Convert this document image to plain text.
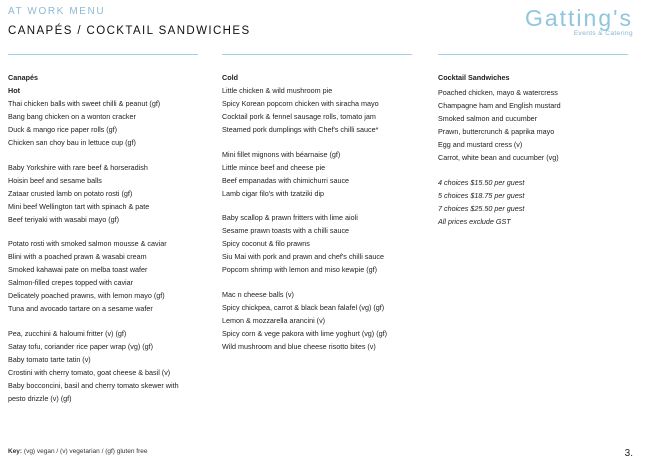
AT WORK MENU
CANAPÉS / COCKTAIL SANDWICHES	Gatting's
Events & Catering
Canapés
Hot
Thai chicken balls with sweet chilli & peanut (gf)
Bang bang chicken on a wonton cracker
Duck & mango rice paper rolls (gf)
Chicken san choy bau in lettuce cup (gf)
Baby Yorkshire with rare beef & horseradish
Hoisin beef and sesame balls
Zataar crusted lamb on potato rosti (gf)
Mini beef Wellington tart with spinach & pate
Beef teriyaki with wasabi mayo (gf)
Potato rosti with smoked salmon mousse & caviar
Blini with a poached prawn & wasabi cream
Smoked kahawai pate on melba toast wafer
Salmon-filled crepes topped with caviar
Delicately poached prawns, with lemon mayo (gf)
Tuna and avocado tartare on a sesame wafer
Pea, zucchini & haloumi fritter (v) (gf)
Satay tofu, coriander rice paper wrap (vg) (gf)
Baby tomato tarte tatin (v)
Crostini with cherry tomato, goat cheese & basil (v)
Baby bocconcini, basil and cherry tomato skewer with pesto drizzle (v) (gf)
Cold
Little chicken & wild mushroom pie
Spicy Korean popcorn chicken with siracha mayo
Cocktail pork & fennel sausage rolls, tomato jam
Steamed pork dumplings with Chef's chilli sauce*
Mini fillet mignons with béarnaise (gf)
Little mince beef and cheese pie
Beef empanadas with chimichurri sauce
Lamb cigar filo's with tzatziki dip
Baby scallop & prawn fritters with lime aioli
Sesame prawn toasts with a chilli sauce
Spicy coconut & filo prawns
Siu Mai with pork and prawn and chef's chilli sauce
Popcorn shrimp with lemon and miso kewpie (gf)
Mac n cheese balls (v)
Spicy chickpea, carrot & black bean falafel (vg) (gf)
Lemon & mozzarella arancini (v)
Spicy corn & vege pakora with lime yoghurt (vg) (gf)
Wild mushroom and blue cheese risotto bites (v)
Cocktail Sandwiches
Poached chicken, mayo & watercress
Champagne ham and English mustard
Smoked salmon and cucumber
Prawn, buttercrunch & paprika mayo
Egg and mustard cress (v)
Carrot, white bean and cucumber (vg)
4 choices $15.50 per guest
5 choices $18.75 per guest
7 choices $25.50 per guest
All prices exclude GST
Key: (vg) vegan / (v) vegetarian / (gf) gluten free	3.
